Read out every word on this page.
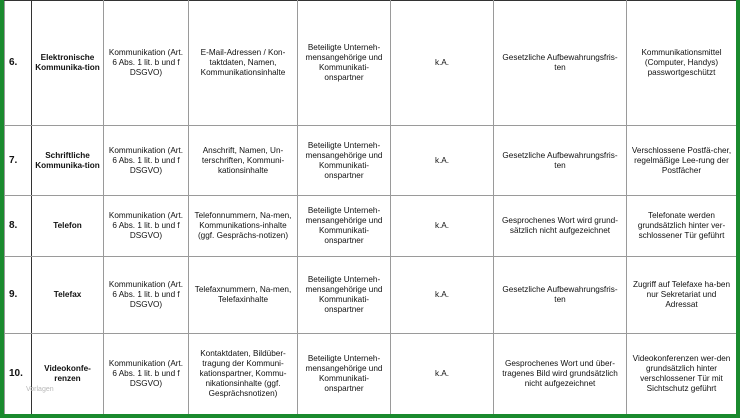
6.	Elektronische Kommunika-tion	Kommunikation (Art. 6 Abs. 1 lit. b und f DSGVO)	E-Mail-Adressen / Kon-taktdaten, Namen, Kommunikationsinhalte	Beteiligte Unterneh-mensangehörige und Kommunikati-onspartner	k.A.	Gesetzliche Aufbewahrungsfris-ten	Kommunikationsmittel (Computer, Handys) passwortgeschützt
7.	Schriftliche Kommunika-tion	Kommunikation (Art. 6 Abs. 1 lit. b und f DSGVO)	Anschrift, Namen, Un-terschriften, Kommuni-kationsinhalte	Beteiligte Unterneh-mensangehörige und Kommunikati-onspartner	k.A.	Gesetzliche Aufbewahrungsfris-ten	Verschlossene Postfä-cher, regelmäßige Lee-rung der Postfächer
8.	Telefon	Kommunikation (Art. 6 Abs. 1 lit. b und f DSGVO)	Telefonnummern, Na-men, Kommunikations-inhalte (ggf. Gesprächs-notizen)	Beteiligte Unterneh-mensangehörige und Kommunikati-onspartner	k.A.	Gesprochenes Wort wird grund-sätzlich nicht aufgezeichnet	Telefonate werden grundsätzlich hinter ver-schlossener Tür geführt
9.	Telefax	Kommunikation (Art. 6 Abs. 1 lit. b und f DSGVO)	Telefaxnummern, Na-men, Telefaxinhalte	Beteiligte Unterneh-mensangehörige und Kommunikati-onspartner	k.A.	Gesetzliche Aufbewahrungsfris-ten	Zugriff auf Telefaxe ha-ben nur Sekretariat und Adressat
10.	Videokonfe-renzen	Kommunikation (Art. 6 Abs. 1 lit. b und f DSGVO)	Kontaktdaten, Bildüber-tragung der Kommuni-kationspartner, Kommu-nikationsinhalte (ggf. Gesprächsnotizen)	Beteiligte Unterneh-mensangehörige und Kommunikati-onspartner	k.A.	Gesprochenes Wort und über-tragenes Bild wird grundsätzlich nicht aufgezeichnet	Videokonferenzen wer-den grundsätzlich hinter verschlossener Tür mit Sichtschutz geführt
Vorlagen
